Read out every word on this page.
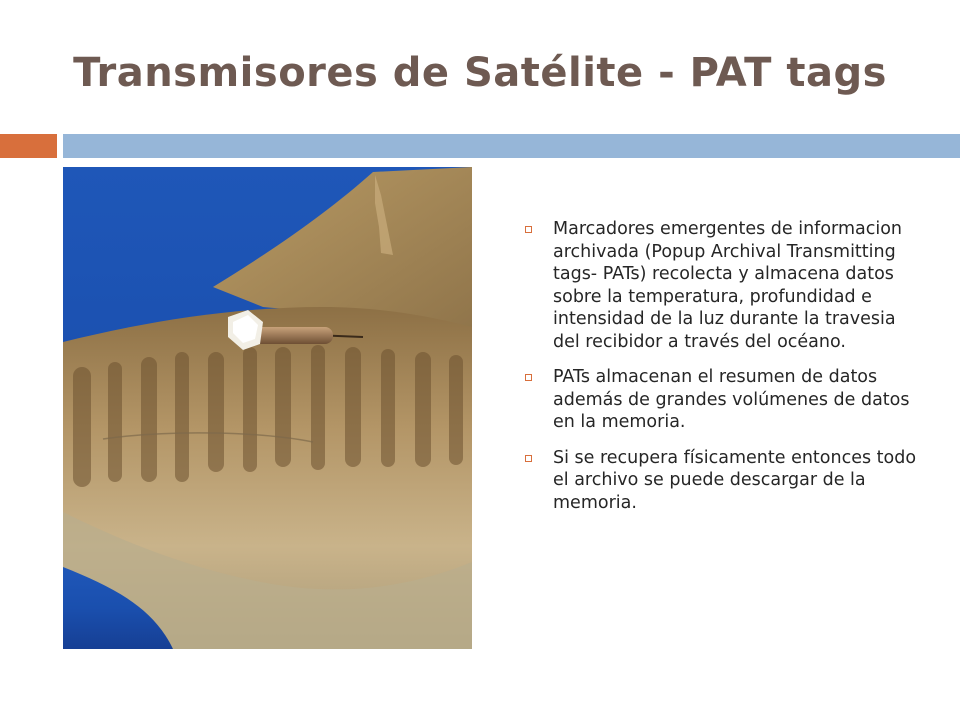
Transmisores de Satélite - PAT tags
Marcadores emergentes de informacion archivada (Popup Archival Transmitting tags- PATs) recolecta y almacena datos sobre la temperatura, profundidad e intensidad de la luz durante la travesia del recibidor a través del océano.
PATs almacenan el resumen de datos además de grandes volúmenes de datos en la memoria.
Si se recupera físicamente entonces todo el archivo se puede descargar de la memoria.
